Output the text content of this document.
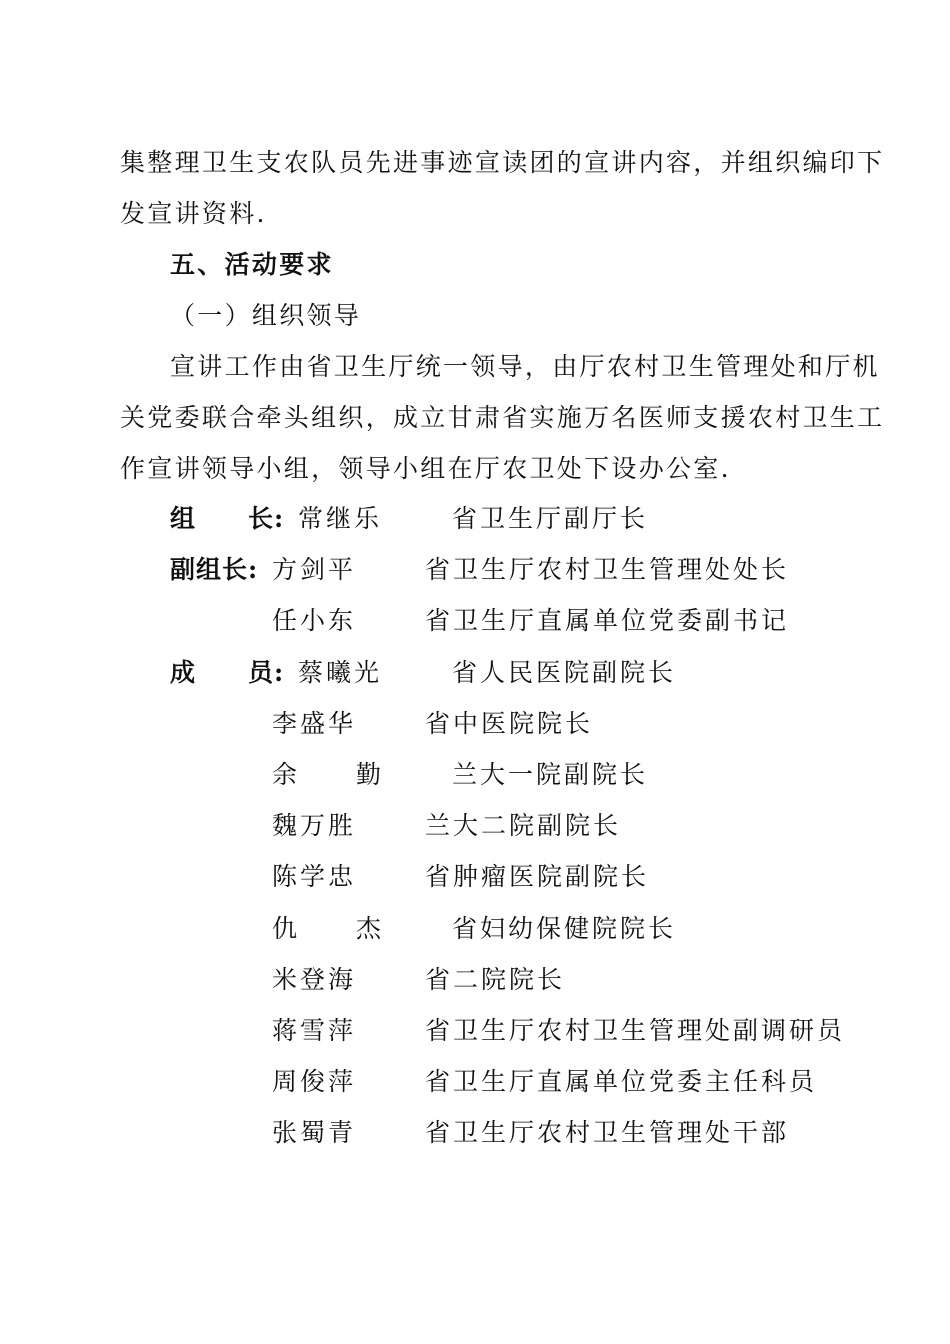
集整理卫生支农队员先进事迹宣读团的宣讲内容，并组织编印下
发宣讲资料.
五、活动要求
（一）组织领导
宣讲工作由省卫生厅统一领导，由厅农村卫生管理处和厅机
关党委联合牵头组织，成立甘肃省实施万名医师支援农村卫生工
作宣讲领导小组，领导小组在厅农卫处下设办公室.
组　　长: 常继乐	省卫生厅副厅长
副组长: 方剑平	省卫生厅农村卫生管理处处长
任小东	省卫生厅直属单位党委副书记
成　　员: 蔡曦光	省人民医院副院长
李盛华	省中医院院长
余　　勤	兰大一院副院长
魏万胜	兰大二院副院长
陈学忠	省肿瘤医院副院长
仇　　杰	省妇幼保健院院长
米登海	省二院院长
蒋雪萍	省卫生厅农村卫生管理处副调研员
周俊萍	省卫生厅直属单位党委主任科员
张蜀青	省卫生厅农村卫生管理处干部
